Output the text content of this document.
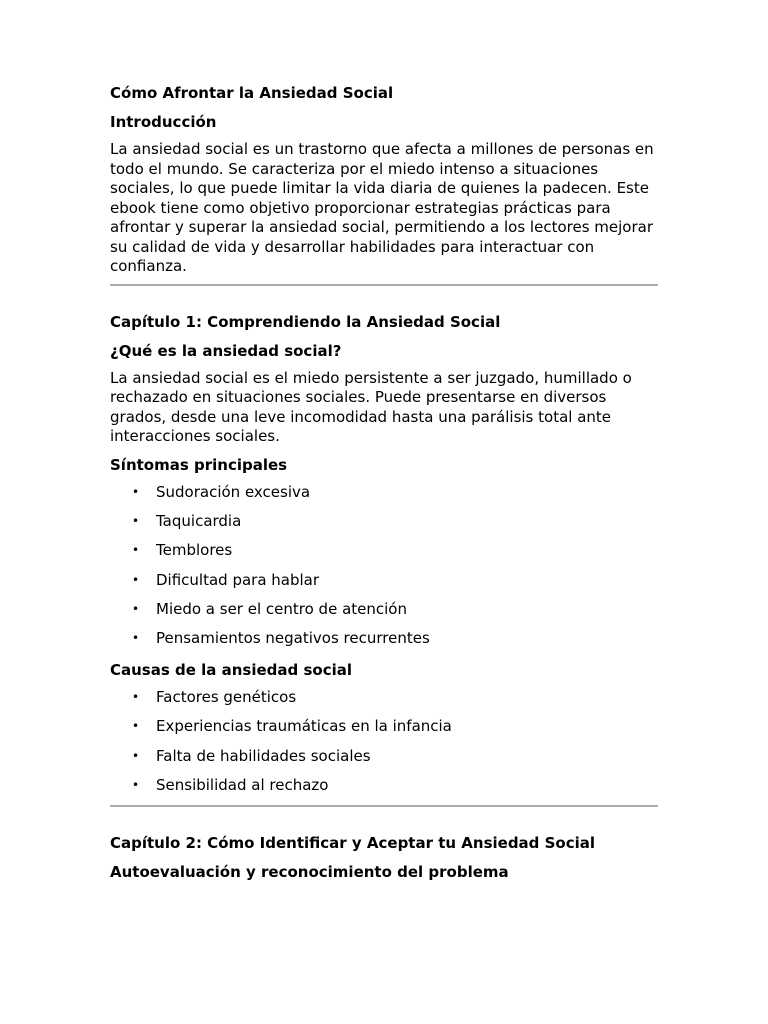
Cómo Afrontar la Ansiedad Social
Introducción

La ansiedad social es un trastorno que afecta a millones de personas en todo el mundo. Se caracteriza por el miedo intenso a situaciones sociales, lo que puede limitar la vida diaria de quienes la padecen. Este ebook tiene como objetivo proporcionar estrategias prácticas para afrontar y superar la ansiedad social, permitiendo a los lectores mejorar su calidad de vida y desarrollar habilidades para interactuar con confianza.

Capítulo 1: Comprendiendo la Ansiedad Social
¿Qué es la ansiedad social?

La ansiedad social es el miedo persistente a ser juzgado, humillado o rechazado en situaciones sociales. Puede presentarse en diversos grados, desde una leve incomodidad hasta una parálisis total ante interacciones sociales.

Síntomas principales
• Sudoración excesiva
• Taquicardia
• Temblores
• Dificultad para hablar
• Miedo a ser el centro de atención
• Pensamientos negativos recurrentes
Causas de la ansiedad social
• Factores genéticos
• Experiencias traumáticas en la infancia
• Falta de habilidades sociales
• Sensibilidad al rechazo
Capítulo 2: Cómo Identificar y Aceptar tu Ansiedad Social
Autoevaluación y reconocimiento del problema
